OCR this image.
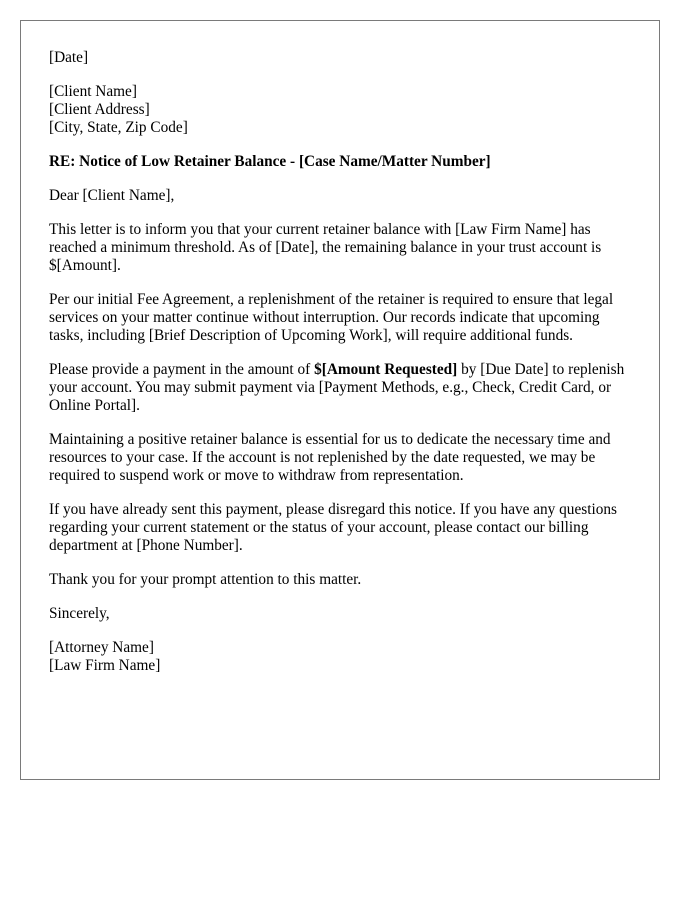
[Date]

[Client Name]
[Client Address]
[City, State, Zip Code]

RE: Notice of Low Retainer Balance - [Case Name/Matter Number]

Dear [Client Name],

This letter is to inform you that your current retainer balance with [Law Firm Name] has reached a minimum threshold. As of [Date], the remaining balance in your trust account is $[Amount].

Per our initial Fee Agreement, a replenishment of the retainer is required to ensure that legal services on your matter continue without interruption. Our records indicate that upcoming tasks, including [Brief Description of Upcoming Work], will require additional funds.

Please provide a payment in the amount of $[Amount Requested] by [Due Date] to replenish your account. You may submit payment via [Payment Methods, e.g., Check, Credit Card, or Online Portal].

Maintaining a positive retainer balance is essential for us to dedicate the necessary time and resources to your case. If the account is not replenished by the date requested, we may be required to suspend work or move to withdraw from representation.

If you have already sent this payment, please disregard this notice. If you have any questions regarding your current statement or the status of your account, please contact our billing department at [Phone Number].

Thank you for your prompt attention to this matter.

Sincerely,

[Attorney Name]
[Law Firm Name]
